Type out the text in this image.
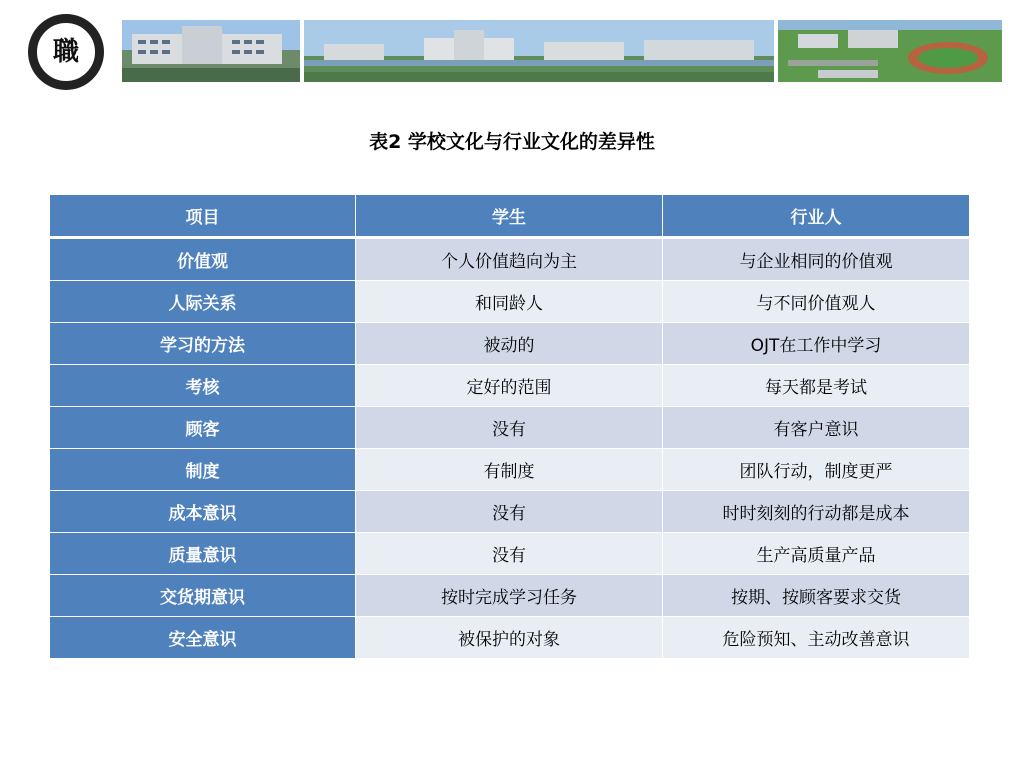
職
表2 学校文化与行业文化的差异性
项目	学生	行业人
价值观	个人价值趋向为主	与企业相同的价值观
人际关系	和同龄人	与不同价值观人
学习的方法	被动的	OJT在工作中学习
考核	定好的范围	每天都是考试
顾客	没有	有客户意识
制度	有制度	团队行动，制度更严
成本意识	没有	时时刻刻的行动都是成本
质量意识	没有	生产高质量产品
交货期意识	按时完成学习任务	按期、按顾客要求交货
安全意识	被保护的对象	危险预知、主动改善意识
